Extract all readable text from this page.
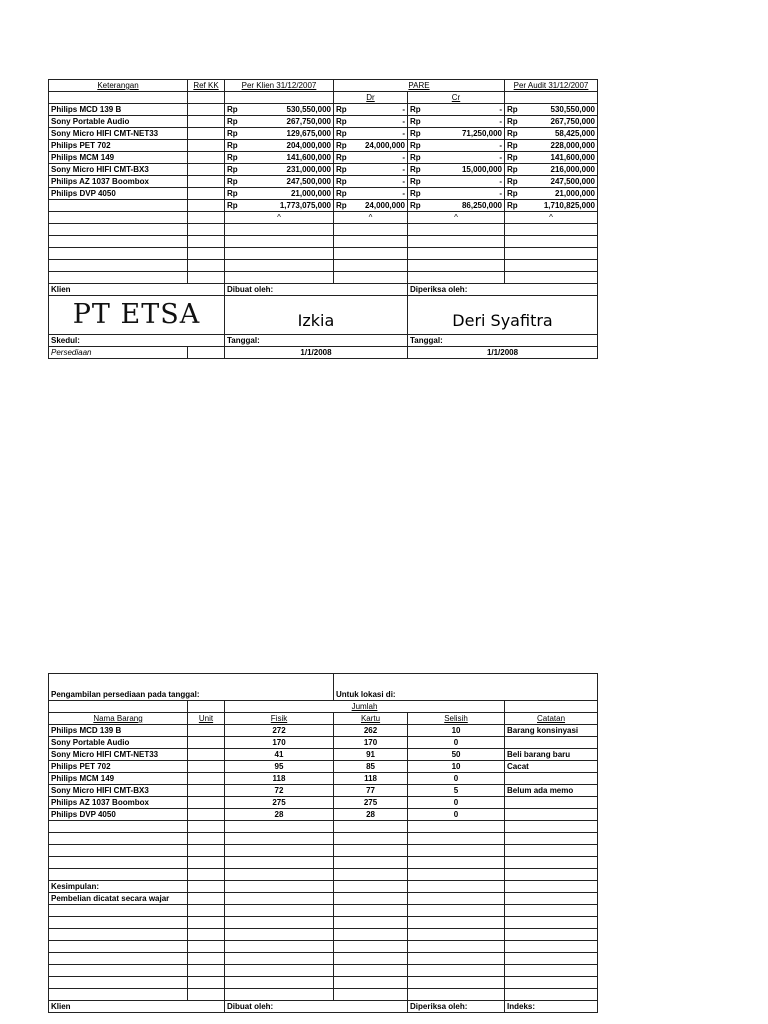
Keterangan	Ref KK	Per Klien 31/12/2007	PARE		Per Audit 31/12/2007
			Dr	Cr	
Philips MCD 139 B		Rp 530,550,000	Rp -	Rp -	Rp 530,550,000

Sony Portable Audio		Rp 267,750,000	Rp -	Rp -	Rp 267,750,000

Sony Micro HIFI CMT-NET33		Rp 129,675,000	Rp -	Rp 71,250,000	Rp 58,425,000

Philips PET 702		Rp 204,000,000	Rp 24,000,000	Rp -	Rp 228,000,000

Philips MCM 149		Rp 141,600,000	Rp -	Rp -	Rp 141,600,000

Sony Micro HIFI CMT-BX3		Rp 231,000,000	Rp -	Rp 15,000,000	Rp 216,000,000

Philips AZ 1037 Boombox		Rp 247,500,000	Rp -	Rp -	Rp 247,500,000

Philips DVP 4050		Rp 21,000,000	Rp -	Rp -	Rp 21,000,000

		Rp 1,773,075,000	Rp 24,000,000	Rp 86,250,000	Rp 1,710,825,000

		^	^	^	^

Klien		Dibuat oleh:		Diperiksa oleh:	
PT ETSA		Izkia		Deri Syafitra	
Skedul:		Tanggal:		Tanggal:	
Persediaan		1/1/2008		1/1/2008	
Pengambilan persediaan pada tanggal:			Untuk lokasi di:		
		Jumlah			
Nama Barang	Unit	Fisik	Kartu	Selisih	Catatan
Philips MCD 139 B		272	262	10	Barang konsinyasi
Sony Portable Audio		170	170	0	
Sony Micro HIFI CMT-NET33		41	91	50	Beli barang baru
Philips PET 702		95	85	10	Cacat
Philips MCM 149		118	118	0	
Sony Micro HIFI CMT-BX3		72	77	5	Belum ada memo
Philips AZ 1037 Boombox		275	275	0	
Philips DVP 4050		28	28	0	

Kesimpulan:					
Pembelian dicatat secara wajar					

Klien		Dibuat oleh:		Diperiksa oleh:	Indeks:
